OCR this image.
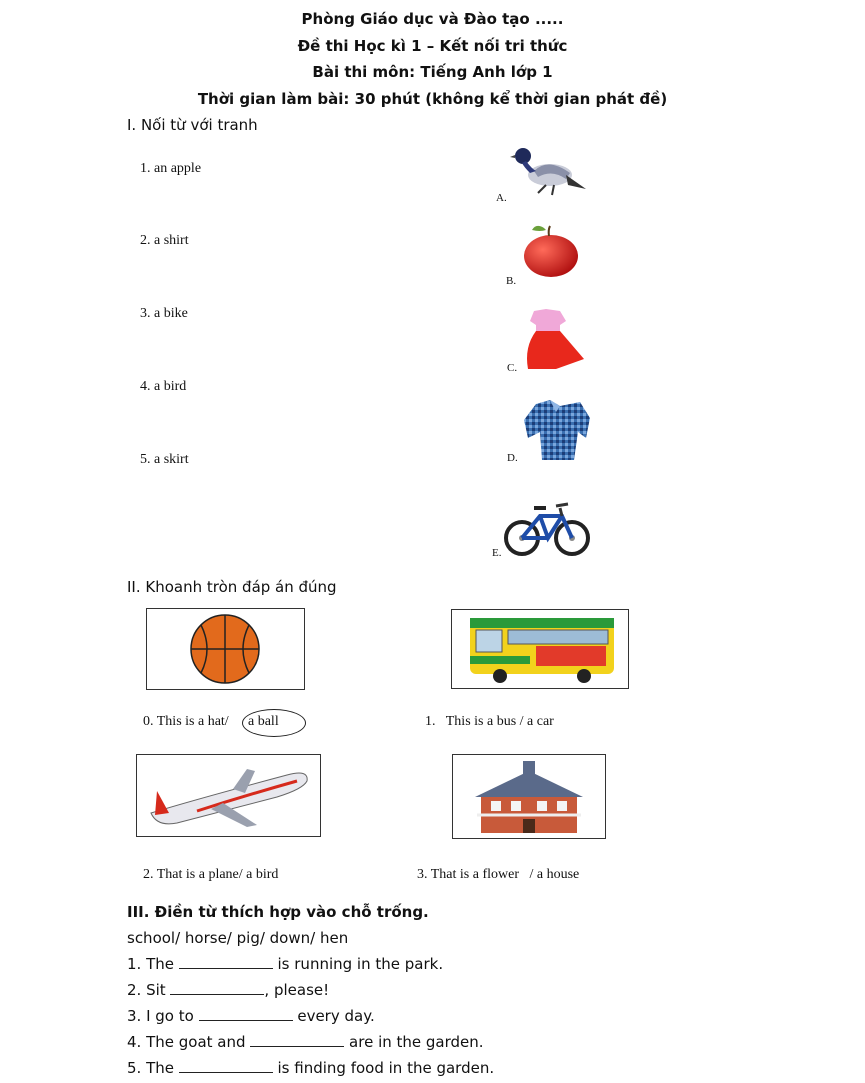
Phòng Giáo dục và Đào tạo .....
Đề thi Học kì 1 – Kết nối tri thức
Bài thi môn: Tiếng Anh lớp 1
Thời gian làm bài: 30 phút (không kể thời gian phát đề)
I. Nối từ với tranh
1. an apple
2. a shirt
3. a bike
4. a bird
5. a skirt
A.
B.
C.
D.
E.
II. Khoanh tròn đáp án đúng
0. This is a hat/ a ball	1.   This is a bus / a car
2. That is a plane/ a bird	3. That is a flower   / a house
III. Điền từ thích hợp vào chỗ trống.
school/ horse/ pig/ down/ hen
1. The	is running in the park.
2. Sit	, please!
3. I go to	every day.
4. The goat and	are in the garden.
5. The	is finding food in the garden.
